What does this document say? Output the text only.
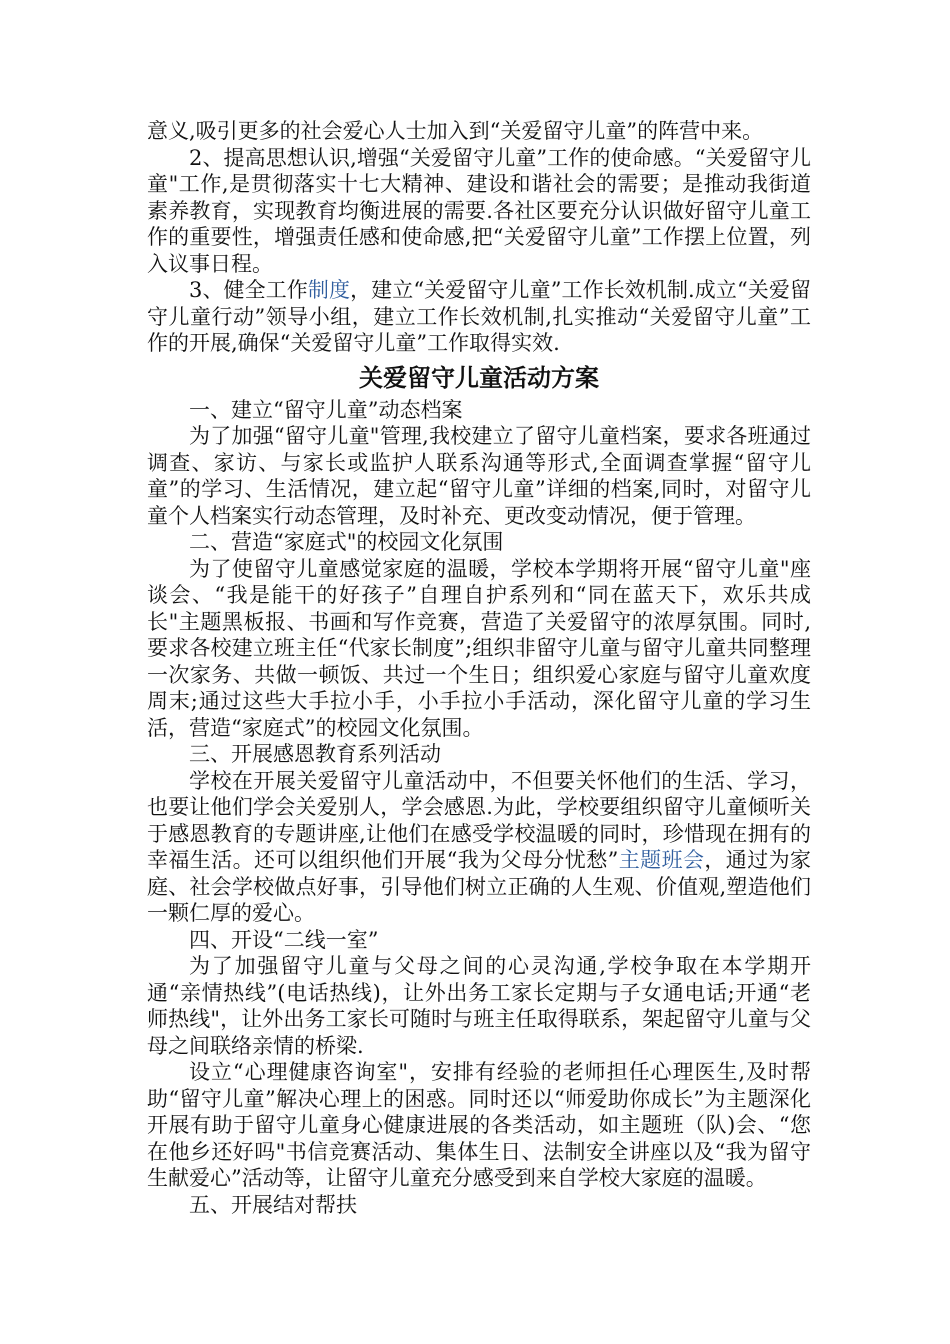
意义,吸引更多的社会爱心人士加入到“关爱留守儿童”的阵营中来。

2、提高思想认识,增强“关爱留守儿童”工作的使命感。“关爱留守儿童"工作,是贯彻落实十七大精神、建设和谐社会的需要；是推动我街道素养教育，实现教育均衡进展的需要.各社区要充分认识做好留守儿童工作的重要性，增强责任感和使命感,把“关爱留守儿童”工作摆上位置，列入议事日程。

3、健全工作制度，建立“关爱留守儿童”工作长效机制.成立“关爱留守儿童行动”领导小组，建立工作长效机制,扎实推动“关爱留守儿童”工作的开展,确保“关爱留守儿童”工作取得实效.

关爱留守儿童活动方案

一、建立“留守儿童”动态档案

为了加强“留守儿童"管理,我校建立了留守儿童档案，要求各班通过调查、家访、与家长或监护人联系沟通等形式,全面调查掌握“留守儿童”的学习、生活情况，建立起“留守儿童”详细的档案,同时，对留守儿童个人档案实行动态管理，及时补充、更改变动情况，便于管理。

二、营造“家庭式"的校园文化氛围

为了使留守儿童感觉家庭的温暖，学校本学期将开展“留守儿童"座谈会、“我是能干的好孩子”自理自护系列和“同在蓝天下，欢乐共成长"主题黑板报、书画和写作竞赛，营造了关爱留守的浓厚氛围。同时,要求各校建立班主任“代家长制度”;组织非留守儿童与留守儿童共同整理一次家务、共做一顿饭、共过一个生日；组织爱心家庭与留守儿童欢度周末;通过这些大手拉小手，小手拉小手活动，深化留守儿童的学习生活，营造“家庭式”的校园文化氛围。

三、开展感恩教育系列活动

学校在开展关爱留守儿童活动中，不但要关怀他们的生活、学习，也要让他们学会关爱别人，学会感恩.为此，学校要组织留守儿童倾听关于感恩教育的专题讲座,让他们在感受学校温暖的同时，珍惜现在拥有的幸福生活。还可以组织他们开展“我为父母分忧愁”主题班会，通过为家庭、社会学校做点好事，引导他们树立正确的人生观、价值观,塑造他们一颗仁厚的爱心。

四、开设“二线一室”

为了加强留守儿童与父母之间的心灵沟通,学校争取在本学期开通“亲情热线”(电话热线)，让外出务工家长定期与子女通电话;开通“老师热线"，让外出务工家长可随时与班主任取得联系，架起留守儿童与父母之间联络亲情的桥梁.

设立“心理健康咨询室"，安排有经验的老师担任心理医生,及时帮助“留守儿童”解决心理上的困惑。同时还以“师爱助你成长”为主题深化开展有助于留守儿童身心健康进展的各类活动，如主题班（队)会、“您在他乡还好吗"书信竞赛活动、集体生日、法制安全讲座以及“我为留守生献爱心”活动等，让留守儿童充分感受到来自学校大家庭的温暖。

五、开展结对帮扶
